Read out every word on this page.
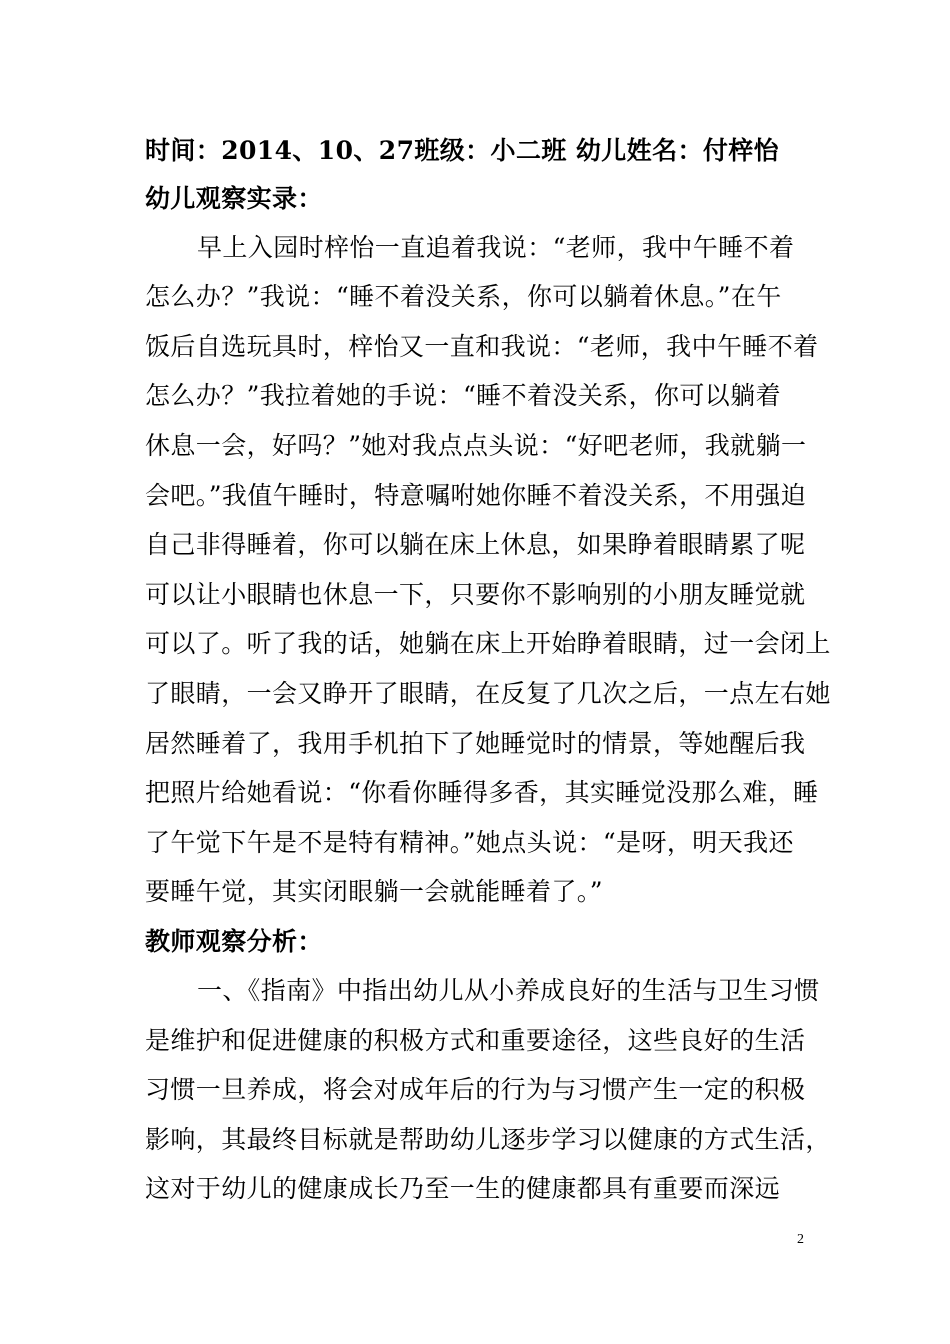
时间：2014、10、27班级：小二班 幼儿姓名：付梓怡
幼儿观察实录：
早上入园时梓怡一直追着我说：“老师，我中午睡不着
怎么办？”我说：“睡不着没关系，你可以躺着休息。”在午
饭后自选玩具时，梓怡又一直和我说：“老师，我中午睡不着
怎么办？”我拉着她的手说：“睡不着没关系，你可以躺着
休息一会，好吗？”她对我点点头说：“好吧老师，我就躺一
会吧。”我值午睡时，特意嘱咐她你睡不着没关系，不用强迫
自己非得睡着，你可以躺在床上休息，如果睁着眼睛累了呢
可以让小眼睛也休息一下，只要你不影响别的小朋友睡觉就
可以了。听了我的话，她躺在床上开始睁着眼睛，过一会闭上
了眼睛，一会又睁开了眼睛，在反复了几次之后，一点左右她
居然睡着了，我用手机拍下了她睡觉时的情景，等她醒后我
把照片给她看说：“你看你睡得多香，其实睡觉没那么难，睡
了午觉下午是不是特有精神。”她点头说：“是呀，明天我还
要睡午觉，其实闭眼躺一会就能睡着了。”
教师观察分析：
一、《指南》中指出幼儿从小养成良好的生活与卫生习惯
是维护和促进健康的积极方式和重要途径，这些良好的生活
习惯一旦养成，将会对成年后的行为与习惯产生一定的积极
影响，其最终目标就是帮助幼儿逐步学习以健康的方式生活，
这对于幼儿的健康成长乃至一生的健康都具有重要而深远
2
